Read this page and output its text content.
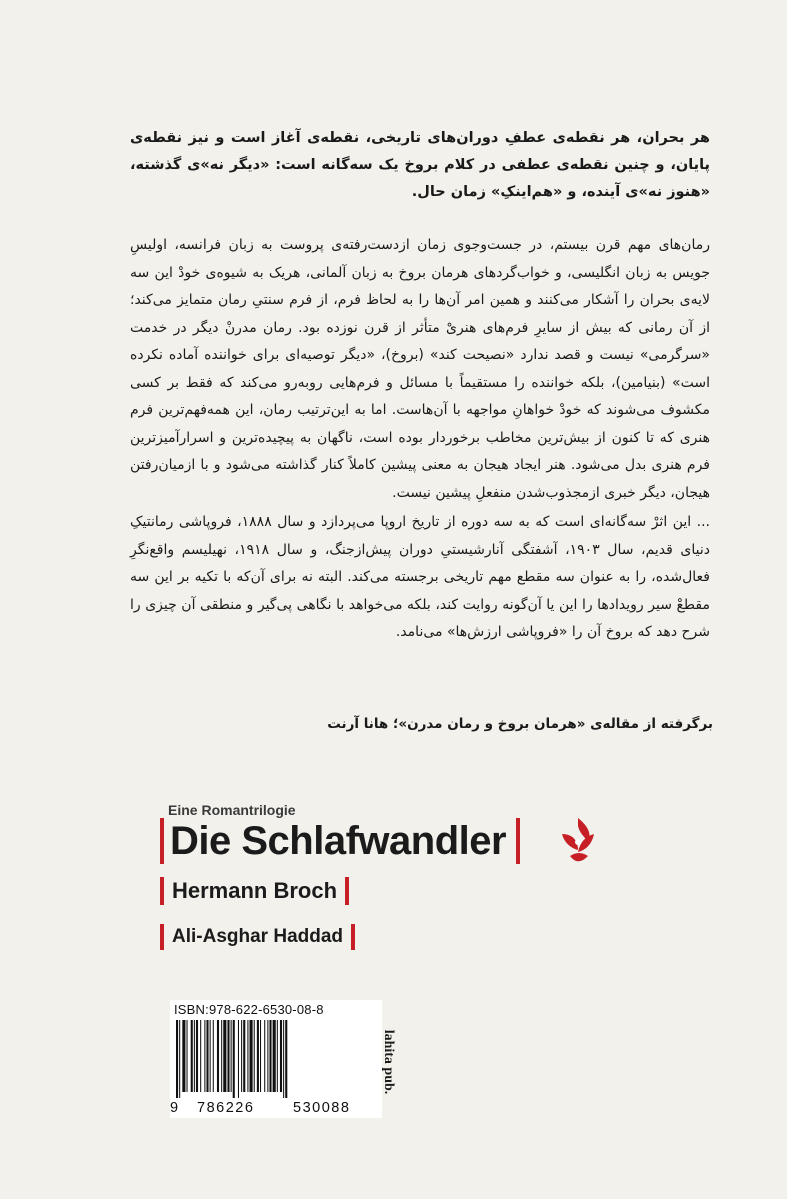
هر بحران، هر نقطه‌ی عطفِ دوران‌های تاریخی، نقطه‌ی آغاز است و نیز نقطه‌ی پایان، و چنین نقطه‌ی عطفی در کلام بروخ یک سه‌گانه است: «دیگر نه»ی گذشته، «هنوز نه»ی آینده، و «هم‌اینکِ» زمان حال.

رمان‌های مهم قرن بیستم، در جست‌وجوی زمان ازدست‌رفته‌ی پروست به زبان فرانسه، اولیسِ جویس به زبان انگلیسی، و خواب‌گردهای هرمان بروخ به زبان آلمانی، هریک به شیوه‌ی خودْ این سه لایه‌ی بحران را آشکار می‌کنند و همین امر آن‌ها را به لحاظ فرم، از فرم سنتیِ رمان متمایز می‌کند؛ از آن رمانی که بیش از سایرِ فرم‌های هنریْ متأثر از قرن نوزده بود. رمان مدرنْ دیگر در خدمت «سرگرمی» نیست و قصد ندارد «نصیحت کند» (بروخ)، «دیگر توصیه‌ای برای خواننده آماده نکرده است» (بنیامین)، بلکه خواننده را مستقیماً با مسائل و فرم‌هایی روبه‌رو می‌کند که فقط بر کسی مکشوف می‌شوند که خودْ خواهانِ مواجهه با آن‌هاست. اما به این‌ترتیب رمان، این همه‌فهم‌ترین فرم هنری که تا کنون از بیش‌ترین مخاطب برخوردار بوده است، ناگهان به پیچیده‌ترین و اسرارآمیزترین فرم هنری بدل می‌شود. هنر ایجاد هیجان به معنی پیشین کاملاً کنار گذاشته می‌شود و با ازمیان‌رفتن هیجان، دیگر خبری ازمجذوب‌شدن منفعلِ پیشین نیست.

... این اثرْ سه‌گانه‌ای است که به سه دوره از تاریخ اروپا می‌پردازد و سال ۱۸۸۸، فروپاشی رمانتیکِ دنیای قدیم، سال ۱۹۰۳، آشفتگی آنارشیستیِ دوران پیش‌ازجنگ، و سال ۱۹۱۸، نهیلیسم واقع‌نگرِ فعال‌شده، را به عنوان سه مقطع مهم تاریخی برجسته می‌کند. البته نه برای آن‌که با تکیه بر این سه مقطعْ سیر رویدادها را این یا آن‌گونه روایت کند، بلکه می‌خواهد با نگاهی پی‌گیر و منطقی آن چیزی را شرح دهد که بروخ آن را «فروپاشی ارزش‌ها» می‌نامد.

برگرفته از مقاله‌ی «هرمان بروخ و رمان مدرن»؛ هانا آرنت
Eine Romantrilogie
Die Schlafwandler
Hermann Broch
Ali-Asghar Haddad
ISBN:978-622-6530-08-8
9 786226	530088
lahita pub.
